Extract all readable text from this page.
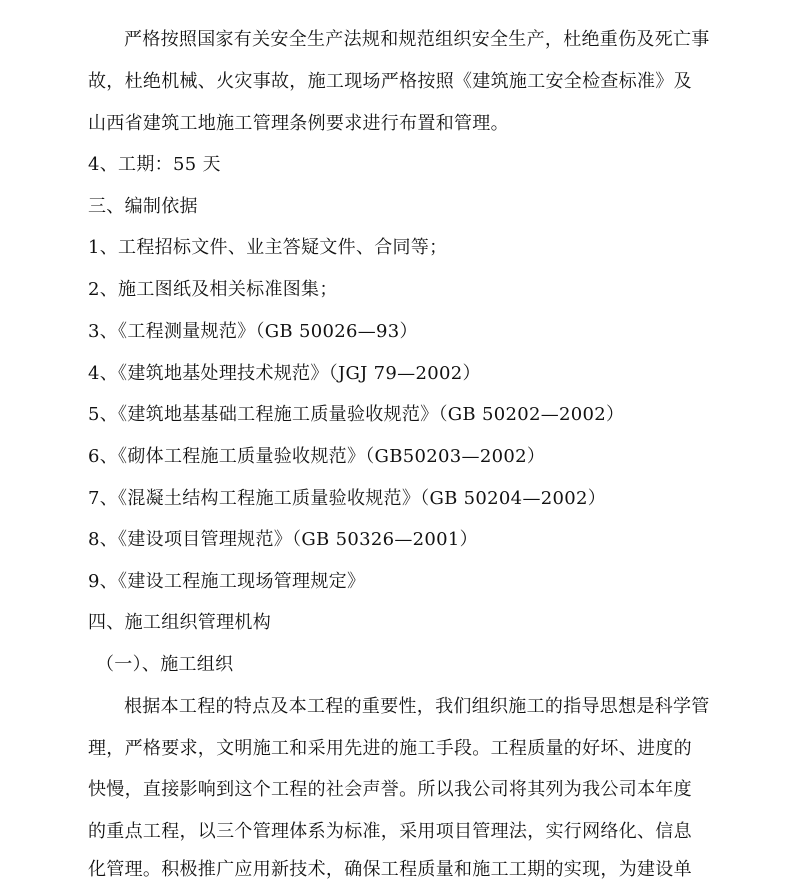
严格按照国家有关安全生产法规和规范组织安全生产，杜绝重伤及死亡事
故，杜绝机械、火灾事故，施工现场严格按照《建筑施工安全检查标准》及
山西省建筑工地施工管理条例要求进行布置和管理。
4、工期：55 天
三、编制依据
1、工程招标文件、业主答疑文件、合同等；
2、施工图纸及相关标准图集；
3、《工程测量规范》（GB 50026—93）
4、《建筑地基处理技术规范》（JGJ 79—2002）
5、《建筑地基基础工程施工质量验收规范》（GB 50202—2002）
6、《砌体工程施工质量验收规范》（GB50203—2002）
7、《混凝土结构工程施工质量验收规范》（GB 50204—2002）
8、《建设项目管理规范》（GB 50326—2001）
9、《建设工程施工现场管理规定》
四、施工组织管理机构
（一）、施工组织
根据本工程的特点及本工程的重要性，我们组织施工的指导思想是科学管
理，严格要求，文明施工和采用先进的施工手段。工程质量的好坏、进度的
快慢，直接影响到这个工程的社会声誉。所以我公司将其列为我公司本年度
的重点工程，以三个管理体系为标准，采用项目管理法，实行网络化、信息
化管理。积极推广应用新技术，确保工程质量和施工工期的实现，为建设单
